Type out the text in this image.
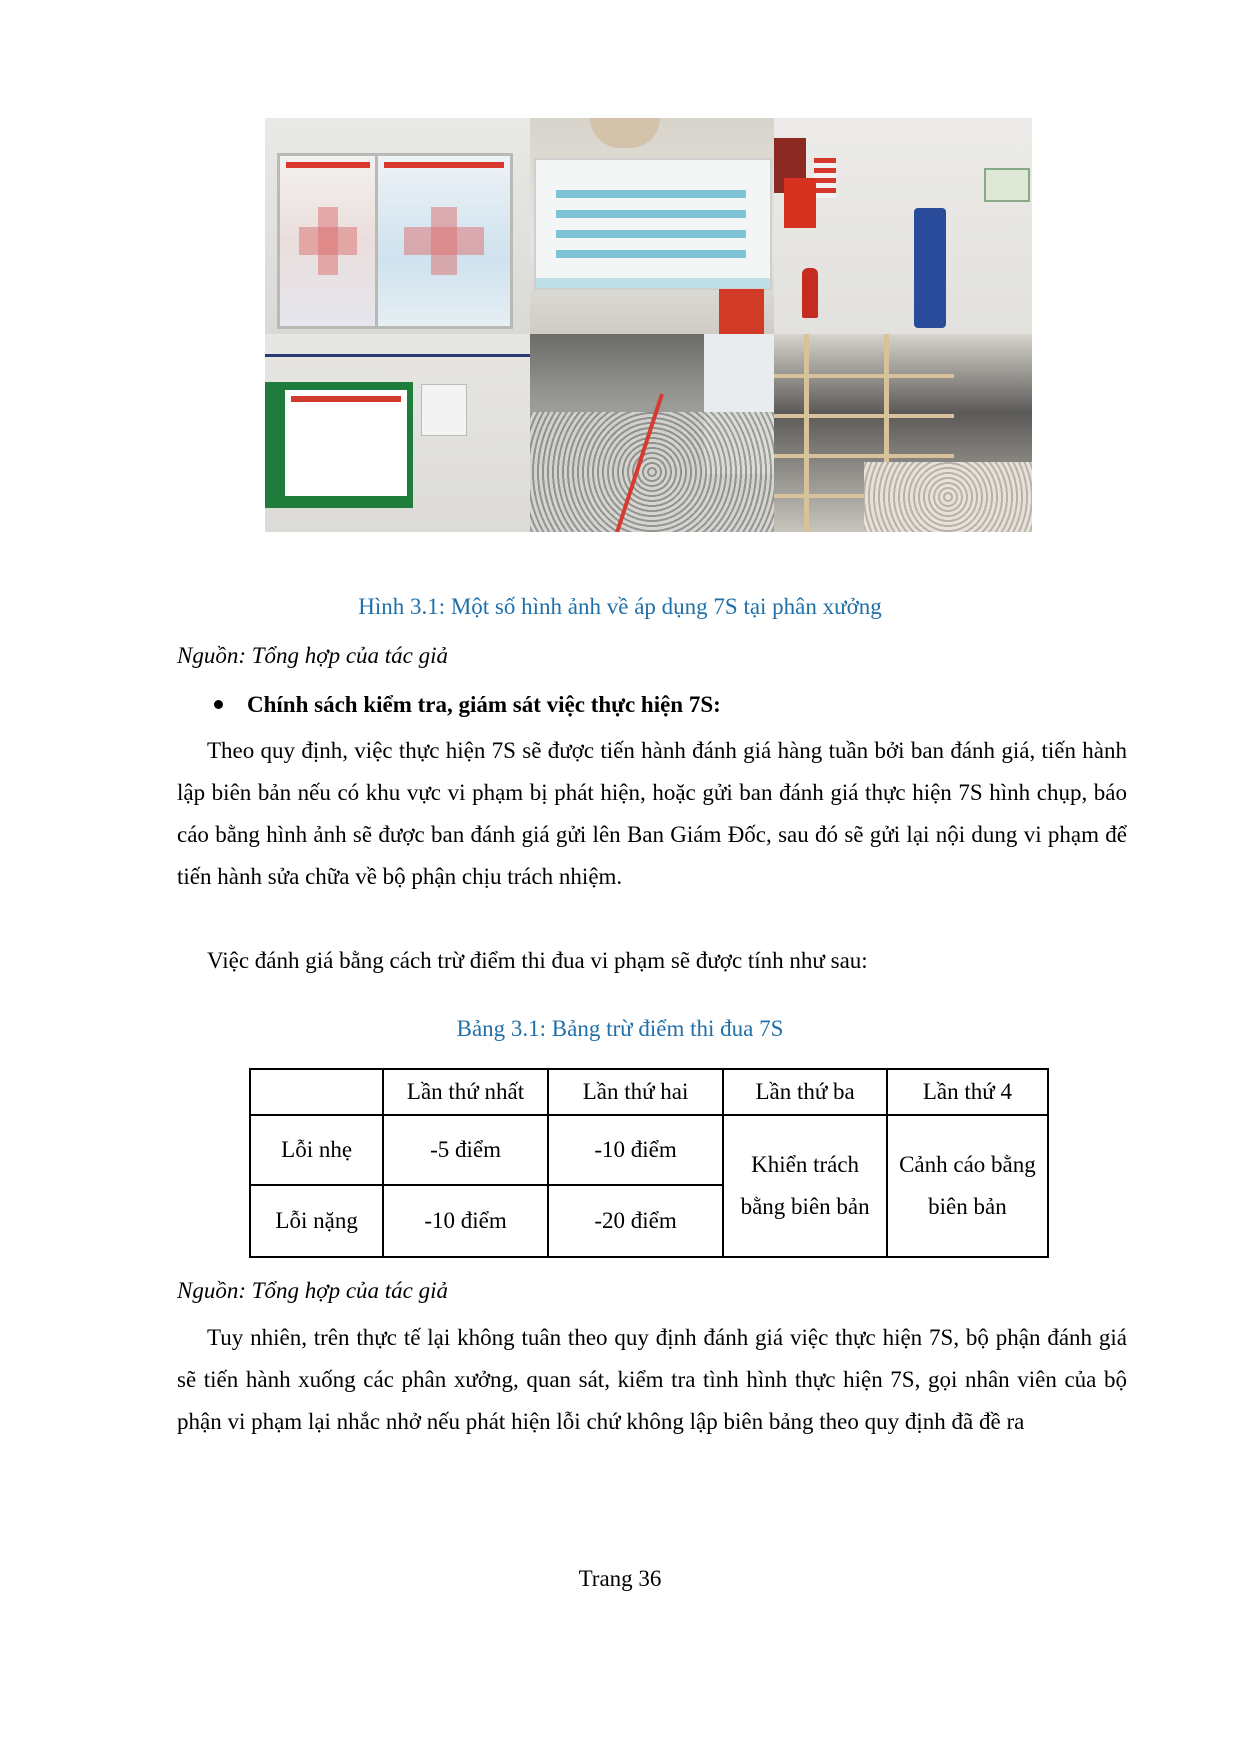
Hình 3.1: Một số hình ảnh về áp dụng 7S tại phân xưởng
Nguồn: Tổng hợp của tác giả
Chính sách kiểm tra, giám sát việc thực hiện 7S:
Theo quy định, việc thực hiện 7S sẽ được tiến hành đánh giá hàng tuần bởi ban đánh giá, tiến hành lập biên bản nếu có khu vực vi phạm bị phát hiện, hoặc gửi ban đánh giá thực hiện 7S hình chụp, báo cáo bằng hình ảnh sẽ được ban đánh giá gửi lên Ban Giám Đốc, sau đó sẽ gửi lại nội dung vi phạm để tiến hành sửa chữa về bộ phận chịu trách nhiệm.
Việc đánh giá bằng cách trừ điểm thi đua vi phạm sẽ được tính như sau:
Bảng 3.1: Bảng trừ điểm thi đua 7S
	Lần thứ nhất	Lần thứ hai	Lần thứ ba	Lần thứ 4
Lỗi nhẹ	-5 điểm	-10 điểm	Khiển trách bằng biên bản	Cảnh cáo bằng biên bản
Lỗi nặng	-10 điểm	-20 điểm		
Nguồn: Tổng hợp của tác giả
Tuy nhiên, trên thực tế lại không tuân theo quy định đánh giá việc thực hiện 7S, bộ phận đánh giá sẽ tiến hành xuống các phân xưởng, quan sát, kiểm tra tình hình thực hiện 7S, gọi nhân viên của bộ phận vi phạm lại nhắc nhở nếu phát hiện lỗi chứ không lập biên bảng theo quy định đã đề ra
Trang 36
